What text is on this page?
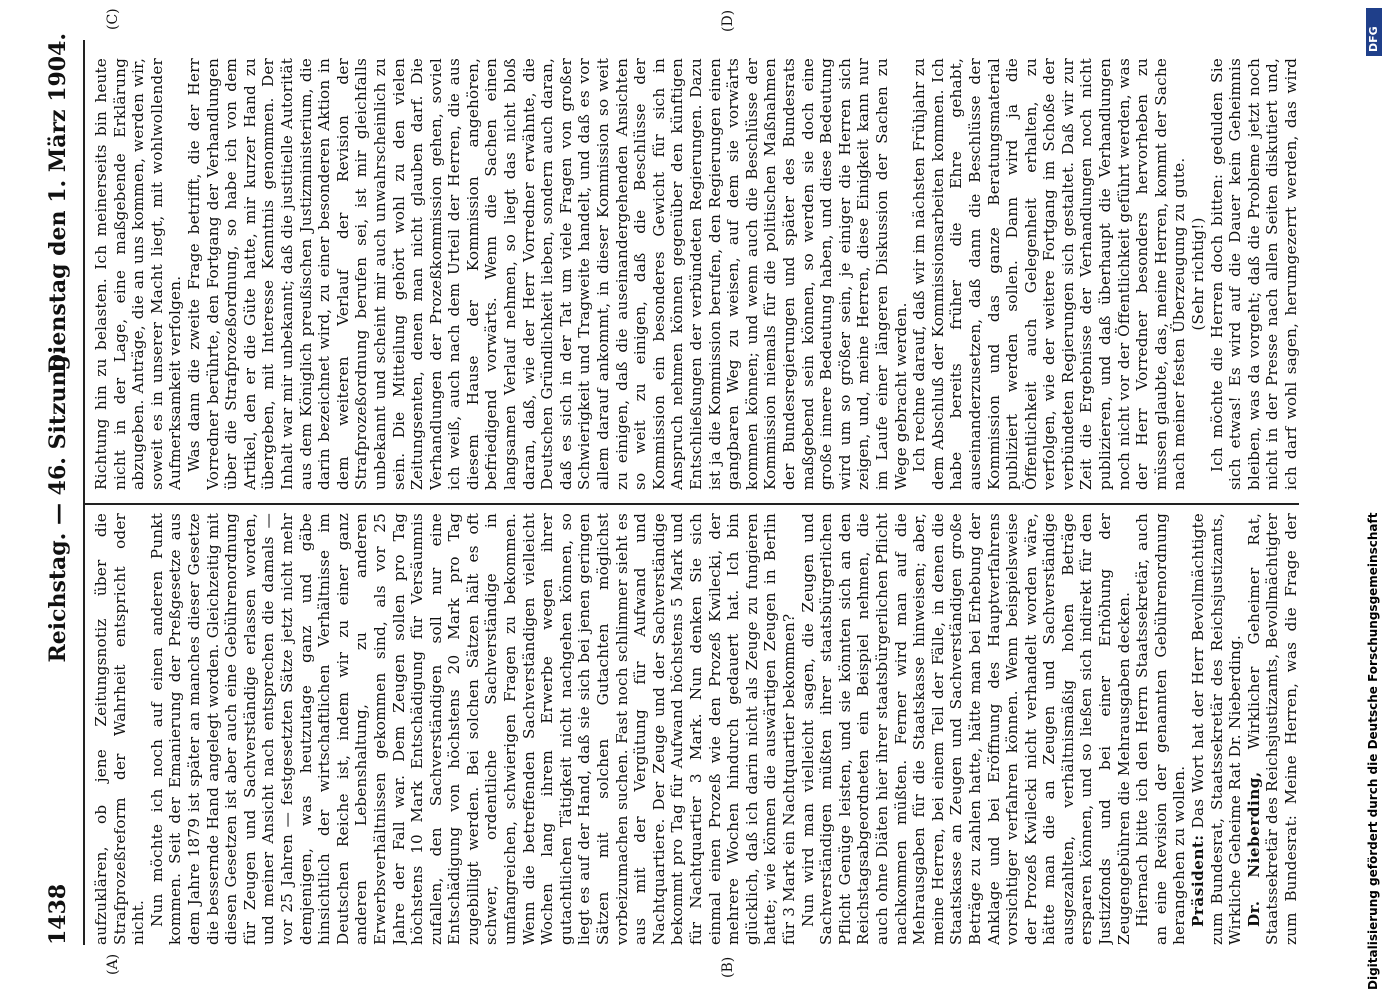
1438
Reichstag. — 46. Sitzung.
Dienstag den 1. März 1904.
(A)	(B)
(C)	(D)

aufzuklären, ob jene Zeitungsnotiz über die Strafprozeßreform der Wahrheit entspricht oder nicht. Nun möchte ich noch auf einen anderen Punkt kommen. Seit der Emanierung der Preßgesetze aus dem Jahre 1879 ist später an manches dieser Gesetze die bessernde Hand angelegt worden. Gleichzeitig mit diesen Gesetzen ist aber auch eine Gebührenordnung für Zeugen und Sachverständige erlassen worden, und meiner Ansicht nach entsprechen die damals — vor 25 Jahren — festgesetzten Sätze jetzt nicht mehr demjenigen, was heutzutage ganz und gäbe hinsichtlich der wirtschaftlichen Verhältnisse im Deutschen Reiche ist, indem wir zu einer ganz anderen Lebenshaltung, zu anderen Erwerbsverhältnissen gekommen sind, als vor 25 Jahre der Fall war. Dem Zeugen sollen pro Tag höchstens 10 Mark Entschädigung für Versäumnis zufallen, den Sachverständigen soll nur eine Entschädigung von höchstens 20 Mark pro Tag zugebilligt werden. Bei solchen Sätzen hält es oft schwer, ordentliche Sachverständige in umfangreichen, schwierigen Fragen zu bekommen. Wenn die betreffenden Sachverständigen vielleicht Wochen lang ihrem Erwerbe wegen ihrer gutachtlichen Tätigkeit nicht nachgehen können, so liegt es auf der Hand, daß sie sich bei jenen geringen Sätzen mit solchen Gutachten möglichst vorbeizumachen suchen. Fast noch schlimmer sieht es aus mit der Vergütung für Aufwand und Nachtquartiere. Der Zeuge und der Sachverständige bekommt pro Tag für Aufwand höchstens 5 Mark und für Nachtquartier 3 Mark. Nun denken Sie sich einmal einen Prozeß wie den Prozeß Kwilecki, der mehrere Wochen hindurch gedauert hat. Ich bin glücklich, daß ich darin nicht als Zeuge zu fungieren hatte; wie können die auswärtigen Zeugen in Berlin für 3 Mark ein Nachtquartier bekommen? Nun wird man vielleicht sagen, die Zeugen und Sachverständigen müßten ihrer staatsbürgerlichen Pflicht Genüge leisten, und sie könnten sich an den Reichstagsabgeordneten ein Beispiel nehmen, die auch ohne Diäten hier ihrer staatsbürgerlichen Pflicht nachkommen müßten. Ferner wird man auf die Mehrausgaben für die Staatskasse hinweisen; aber, meine Herren, bei einem Teil der Fälle, in denen die Staatskasse an Zeugen und Sachverständigen große Beträge zu zahlen hatte, hätte man bei Erhebung der Anklage und bei Eröffnung des Hauptverfahrens vorsichtiger verfahren können. Wenn beispielsweise der Prozeß Kwilecki nicht verhandelt worden wäre, hätte man die an Zeugen und Sachverständige ausgezahlten, verhältnismäßig hohen Beträge ersparen können, und so ließen sich indirekt für den Justizfonds und bei einer Erhöhung der Zeugengebühren die Mehrausgaben decken. Hiernach bitte ich den Herrn Staatssekretär, auch an eine Revision der genannten Gebührenordnung herangehen zu wollen. Präsident: Das Wort hat der Herr Bevollmächtigte zum Bundesrat, Staatssekretär des Reichsjustizamts, Wirkliche Geheime Rat Dr. Nieberding. Dr. Nieberding, Wirklicher Geheimer Rat, Staatssekretär des Reichsjustizamts, Bevollmächtigter zum Bundesrat: Meine Herren, was die Frage der

Richtung hin zu belasten. Ich meinerseits bin heute nicht in der Lage, eine maßgebende Erklärung abzugeben. Anträge, die an uns kommen, werden wir, soweit es in unserer Macht liegt, mit wohlwollender Aufmerksamkeit verfolgen. Was dann die zweite Frage betrifft, die der Herr Vorredner berührte, den Fortgang der Verhandlungen über die Strafprozeßordnung, so habe ich von dem Artikel, den er die Güte hatte, mir kurzer Hand zu übergeben, mit Interesse Kenntnis genommen. Der Inhalt war mir unbekannt; daß die justitielle Autorität aus dem Königlich preußischen Justizministerium, die darin bezeichnet wird, zu einer besonderen Aktion in dem weiteren Verlauf der Revision der Strafprozeßordnung berufen sei, ist mir gleichfalls unbekannt und scheint mir auch unwahrscheinlich zu sein. Die Mitteilung gehört wohl zu den vielen Zeitungsenten, denen man nicht glauben darf. Die Verhandlungen der Prozeßkommission gehen, soviel ich weiß, auch nach dem Urteil der Herren, die aus diesem Hause der Kommission angehören, befriedigend vorwärts. Wenn die Sachen einen langsamen Verlauf nehmen, so liegt das nicht bloß daran, daß, wie der Herr Vorredner erwähnte, die Deutschen Gründlichkeit lieben, sondern auch daran, daß es sich in der Tat um viele Fragen von großer Schwierigkeit und Tragweite handelt, und daß es vor allem darauf ankommt, in dieser Kommission so weit zu einigen, daß die auseinandergehenden Ansichten so weit zu einigen, daß die Beschlüsse der Kommission ein besonderes Gewicht für sich in Anspruch nehmen können gegenüber den künftigen Entschließungen der verbündeten Regierungen. Dazu ist ja die Kommission berufen, den Regierungen einen gangbaren Weg zu weisen, auf dem sie vorwärts kommen können; und wenn auch die Beschlüsse der Kommission niemals für die politischen Maßnahmen der Bundesregierungen und später des Bundesrats maßgebend sein können, so werden sie doch eine große innere Bedeutung haben, und diese Bedeutung wird um so größer sein, je einiger die Herren sich zeigen, und, meine Herren, diese Einigkeit kann nur im Laufe einer längeren Diskussion der Sachen zu Wege gebracht werden. Ich rechne darauf, daß wir im nächsten Frühjahr zu dem Abschluß der Kommissionsarbeiten kommen. Ich habe bereits früher die Ehre gehabt, auseinanderzusetzen, daß dann die Beschlüsse der Kommission und das ganze Beratungsmaterial publiziert werden sollen. Dann wird ja die Öffentlichkeit auch Gelegenheit erhalten, zu verfolgen, wie der weitere Fortgang im Schoße der verbündeten Regierungen sich gestaltet. Daß wir zur Zeit die Ergebnisse der Verhandlungen noch nicht publizieren, und daß überhaupt die Verhandlungen noch nicht vor der Öffentlichkeit geführt werden, was der Herr Vorredner besonders hervorheben zu müssen glaubte, das, meine Herren, kommt der Sache nach meiner festen Überzeugung zu gute. (Sehr richtig!)

Ich möchte die Herren doch bitten: gedulden Sie sich etwas! Es wird auf die Dauer kein Geheimnis bleiben, was da vorgeht; daß die Probleme jetzt noch nicht in der Presse nach allen Seiten diskutiert und, ich darf wohl sagen, herumgezerrt werden, das wird

DFG
Digitalisierung gefördert durch die Deutsche Forschungsgemeinschaft
